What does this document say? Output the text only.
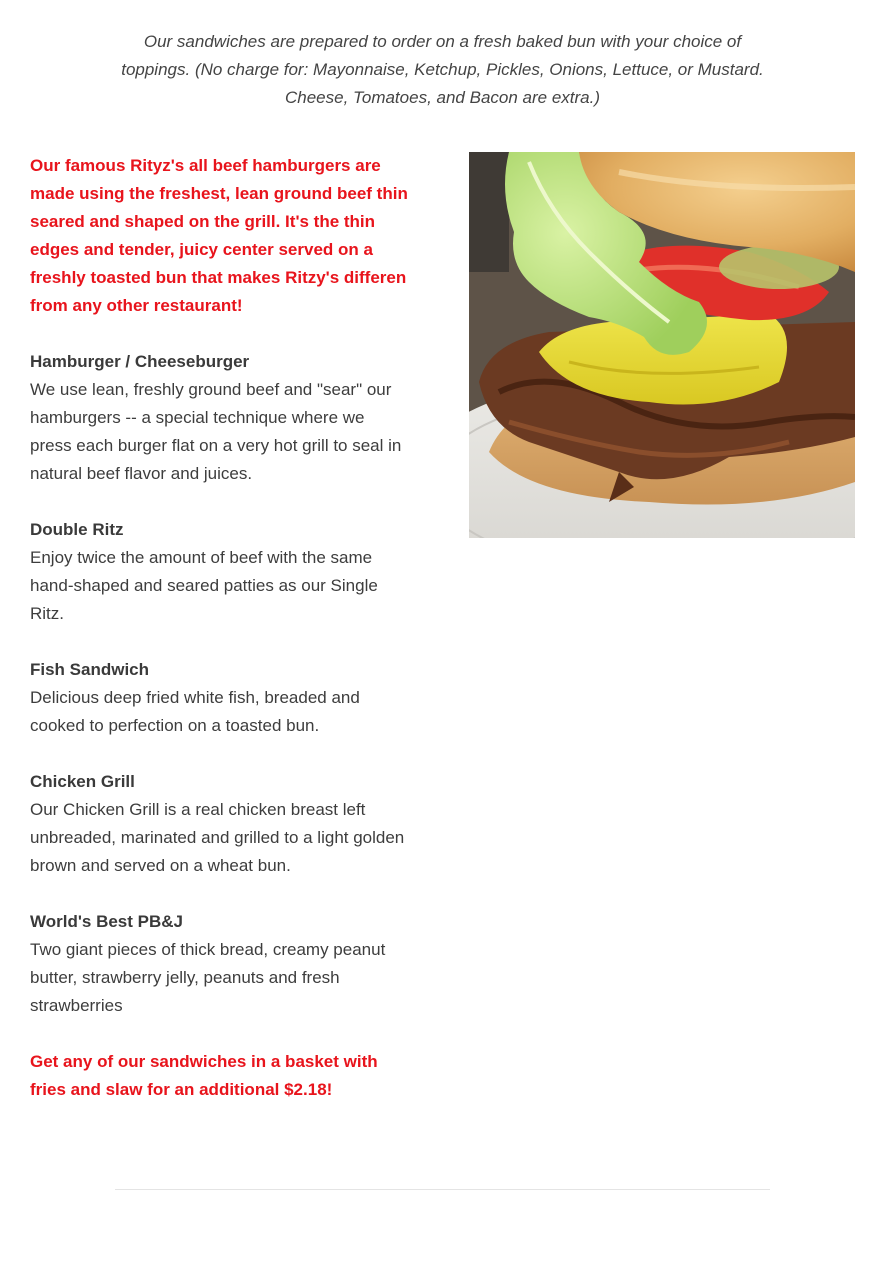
Our sandwiches are prepared to order on a fresh baked bun with your choice of toppings. (No charge for: Mayonnaise, Ketchup, Pickles, Onions, Lettuce, or Mustard. Cheese, Tomatoes, and Bacon are extra.)

Our famous Rityz's all beef hamburgers are made using the freshest, lean ground beef thin seared and shaped on the grill. It's the thin edges and tender, juicy center served on a freshly toasted bun that makes Ritzy's differen from any other restaurant!

Hamburger / Cheeseburger

We use lean, freshly ground beef and "sear" our hamburgers -- a special technique where we press each burger flat on a very hot grill to seal in natural beef flavor and juices.

Double Ritz

Enjoy twice the amount of beef with the same hand-shaped and seared patties as our Single Ritz.

Fish Sandwich

Delicious deep fried white fish, breaded and cooked to perfection on a toasted bun.

Chicken Grill

Our Chicken Grill is a real chicken breast left unbreaded, marinated and grilled to a light golden brown and served on a wheat bun.

World's Best PB&J

Two giant pieces of thick bread, creamy peanut butter, strawberry jelly, peanuts and fresh strawberries

Get any of our sandwiches in a basket with fries and slaw for an additional $2.18!
